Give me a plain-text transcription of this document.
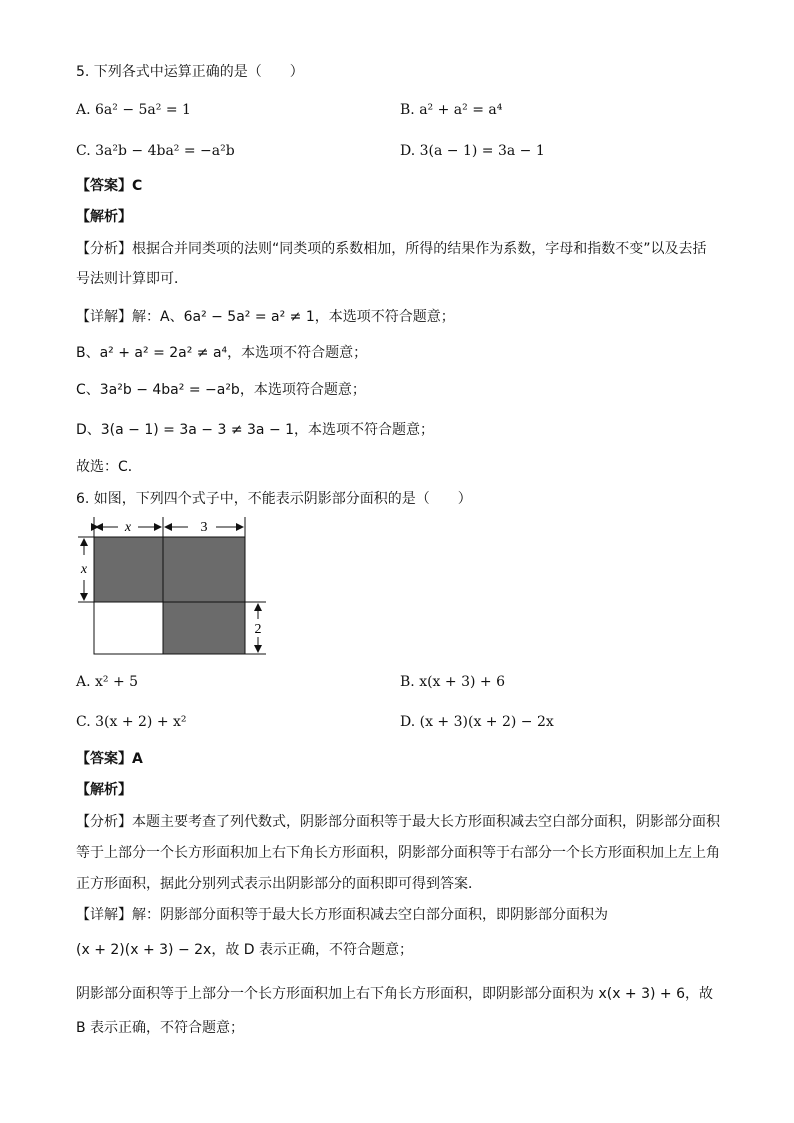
5. 下列各式中运算正确的是（　　）
A. 6a² − 5a² = 1	B. a² + a² = a⁴
C. 3a²b − 4ba² = −a²b	D. 3(a − 1) = 3a − 1
【答案】C
【解析】
【分析】根据合并同类项的法则“同类项的系数相加，所得的结果作为系数，字母和指数不变”以及去括
号法则计算即可．
【详解】解：A、6a² − 5a² = a² ≠ 1，本选项不符合题意；
B、a² + a² = 2a² ≠ a⁴，本选项不符合题意；
C、3a²b − 4ba² = −a²b，本选项符合题意；
D、3(a − 1) = 3a − 3 ≠ 3a − 1，本选项不符合题意；
故选：C．
6. 如图，下列四个式子中，不能表示阴影部分面积的是（　　）
x	3
x
2
A. x² + 5	B. x(x + 3) + 6
C. 3(x + 2) + x²	D. (x + 3)(x + 2) − 2x
【答案】A
【解析】
【分析】本题主要考查了列代数式，阴影部分面积等于最大长方形面积减去空白部分面积，阴影部分面积
等于上部分一个长方形面积加上右下角长方形面积，阴影部分面积等于右部分一个长方形面积加上左上角
正方形面积，据此分别列式表示出阴影部分的面积即可得到答案．
【详解】解：阴影部分面积等于最大长方形面积减去空白部分面积，即阴影部分面积为
(x + 2)(x + 3) − 2x，故 D 表示正确，不符合题意；
阴影部分面积等于上部分一个长方形面积加上右下角长方形面积，即阴影部分面积为 x(x + 3) + 6，故
B 表示正确，不符合题意；
